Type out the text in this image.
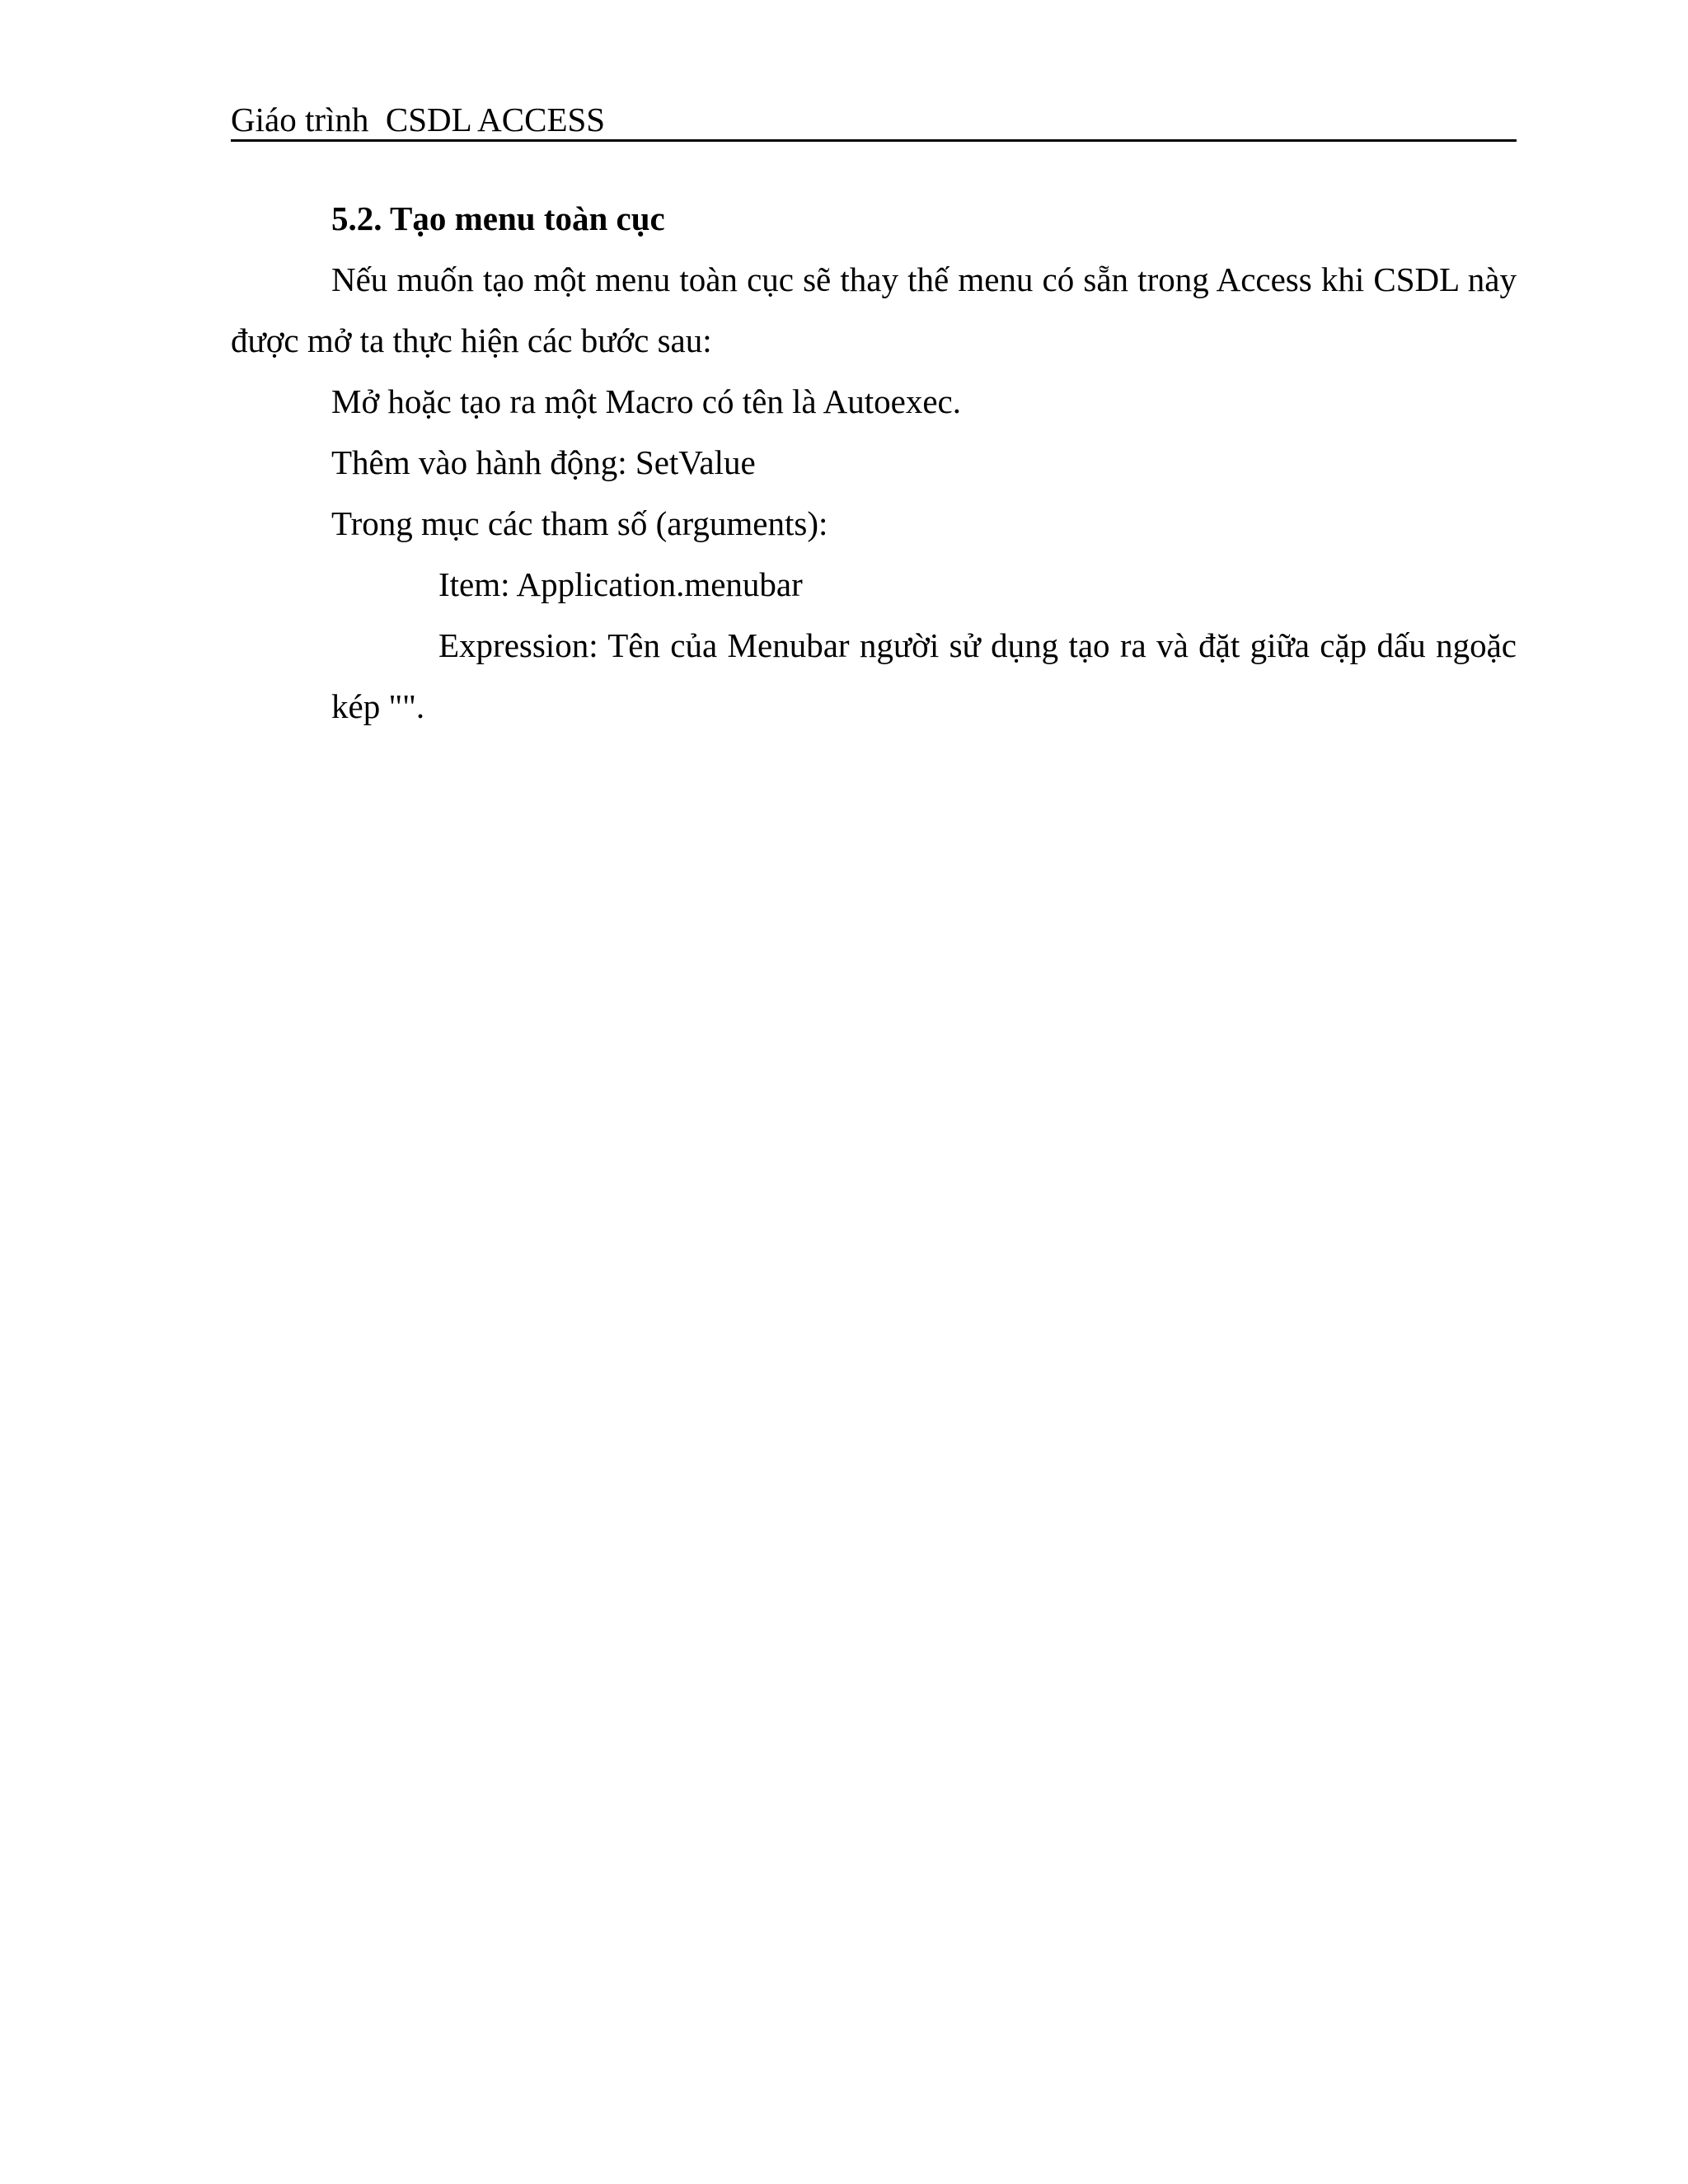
Giáo trình  CSDL ACCESS

5.2. Tạo menu toàn cục

Nếu muốn tạo một menu toàn cục sẽ thay thế menu có sẵn trong Access khi CSDL này được mở ta thực hiện các bước sau:

Mở hoặc tạo ra một Macro có tên là Autoexec.

Thêm vào hành động: SetValue

Trong mục các tham số (arguments):

Item: Application.menubar

Expression: Tên của Menubar người sử dụng tạo ra và đặt giữa cặp dấu ngoặc kép "".
